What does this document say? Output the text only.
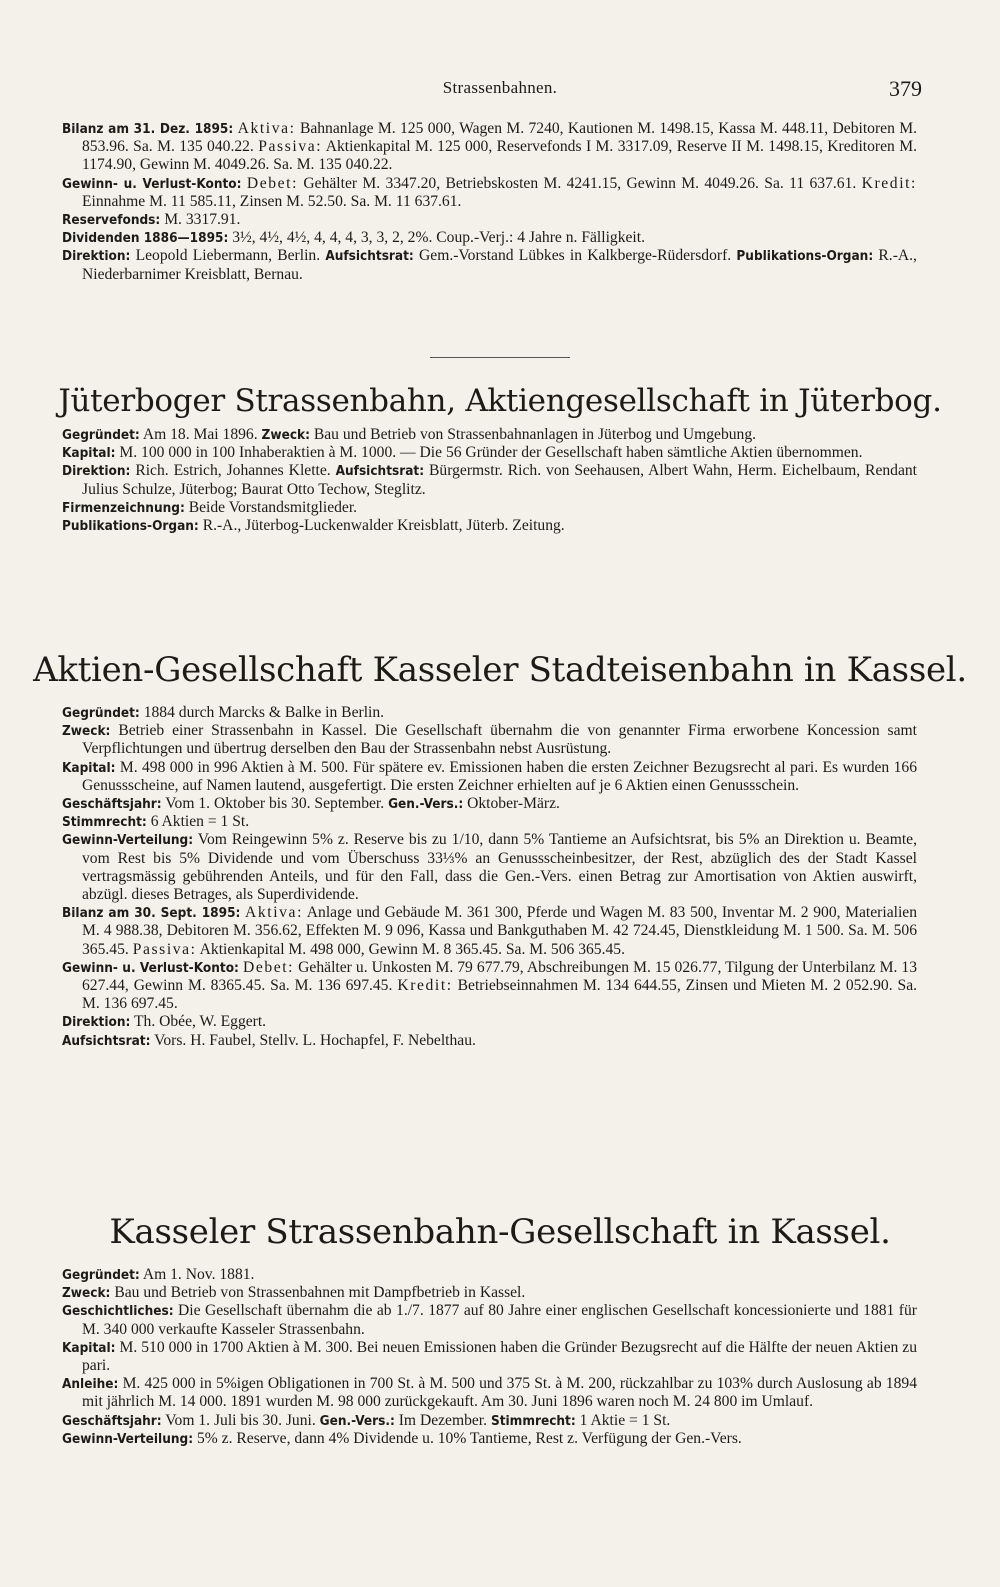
Strassenbahnen.	379

Bilanz am 31. Dez. 1895: Aktiva: Bahnanlage M. 125 000, Wagen M. 7240, Kautionen M. 1498.15, Kassa M. 448.11, Debitoren M. 853.96. Sa. M. 135 040.22. Passiva: Aktienkapital M. 125 000, Reservefonds I M. 3317.09, Reserve II M. 1498.15, Kreditoren M. 1174.90, Gewinn M. 4049.26. Sa. M. 135 040.22.

Gewinn- u. Verlust-Konto: Debet: Gehälter M. 3347.20, Betriebskosten M. 4241.15, Gewinn M. 4049.26. Sa. 11 637.61. Kredit: Einnahme M. 11 585.11, Zinsen M. 52.50. Sa. M. 11 637.61.

Reservefonds: M. 3317.91.

Dividenden 1886—1895: 3½, 4½, 4½, 4, 4, 4, 3, 3, 2, 2%. Coup.-Verj.: 4 Jahre n. Fälligkeit.

Direktion: Leopold Liebermann, Berlin. Aufsichtsrat: Gem.-Vorstand Lübkes in Kalkberge-Rüdersdorf. Publikations-Organ: R.-A., Niederbarnimer Kreisblatt, Bernau.

Jüterboger Strassenbahn, Aktiengesellschaft in Jüterbog.

Gegründet: Am 18. Mai 1896. Zweck: Bau und Betrieb von Strassenbahnanlagen in Jüterbog und Umgebung.

Kapital: M. 100 000 in 100 Inhaberaktien à M. 1000. — Die 56 Gründer der Gesellschaft haben sämtliche Aktien übernommen.

Direktion: Rich. Estrich, Johannes Klette. Aufsichtsrat: Bürgermstr. Rich. von Seehausen, Albert Wahn, Herm. Eichelbaum, Rendant Julius Schulze, Jüterbog; Baurat Otto Techow, Steglitz.

Firmenzeichnung: Beide Vorstandsmitglieder.

Publikations-Organ: R.-A., Jüterbog-Luckenwalder Kreisblatt, Jüterb. Zeitung.

Aktien-Gesellschaft Kasseler Stadteisenbahn in Kassel.

Gegründet: 1884 durch Marcks & Balke in Berlin.

Zweck: Betrieb einer Strassenbahn in Kassel. Die Gesellschaft übernahm die von genannter Firma erworbene Koncession samt Verpflichtungen und übertrug derselben den Bau der Strassenbahn nebst Ausrüstung.

Kapital: M. 498 000 in 996 Aktien à M. 500. Für spätere ev. Emissionen haben die ersten Zeichner Bezugsrecht al pari. Es wurden 166 Genussscheine, auf Namen lautend, ausgefertigt. Die ersten Zeichner erhielten auf je 6 Aktien einen Genussschein.

Geschäftsjahr: Vom 1. Oktober bis 30. September. Gen.-Vers.: Oktober-März.

Stimmrecht: 6 Aktien = 1 St.

Gewinn-Verteilung: Vom Reingewinn 5% z. Reserve bis zu 1/10, dann 5% Tantieme an Aufsichtsrat, bis 5% an Direktion u. Beamte, vom Rest bis 5% Dividende und vom Überschuss 33⅓% an Genussscheinbesitzer, der Rest, abzüglich des der Stadt Kassel vertragsmässig gebührenden Anteils, und für den Fall, dass die Gen.-Vers. einen Betrag zur Amortisation von Aktien auswirft, abzügl. dieses Betrages, als Superdividende.

Bilanz am 30. Sept. 1895: Aktiva: Anlage und Gebäude M. 361 300, Pferde und Wagen M. 83 500, Inventar M. 2 900, Materialien M. 4 988.38, Debitoren M. 356.62, Effekten M. 9 096, Kassa und Bankguthaben M. 42 724.45, Dienstkleidung M. 1 500. Sa. M. 506 365.45. Passiva: Aktienkapital M. 498 000, Gewinn M. 8 365.45. Sa. M. 506 365.45.

Gewinn- u. Verlust-Konto: Debet: Gehälter u. Unkosten M. 79 677.79, Abschreibungen M. 15 026.77, Tilgung der Unterbilanz M. 13 627.44, Gewinn M. 8365.45. Sa. M. 136 697.45. Kredit: Betriebseinnahmen M. 134 644.55, Zinsen und Mieten M. 2 052.90. Sa. M. 136 697.45.

Direktion: Th. Obée, W. Eggert.

Aufsichtsrat: Vors. H. Faubel, Stellv. L. Hochapfel, F. Nebelthau.

Kasseler Strassenbahn-Gesellschaft in Kassel.

Gegründet: Am 1. Nov. 1881.

Zweck: Bau und Betrieb von Strassenbahnen mit Dampfbetrieb in Kassel.

Geschichtliches: Die Gesellschaft übernahm die ab 1./7. 1877 auf 80 Jahre einer englischen Gesellschaft koncessionierte und 1881 für M. 340 000 verkaufte Kasseler Strassenbahn.

Kapital: M. 510 000 in 1700 Aktien à M. 300. Bei neuen Emissionen haben die Gründer Bezugsrecht auf die Hälfte der neuen Aktien zu pari.

Anleihe: M. 425 000 in 5%igen Obligationen in 700 St. à M. 500 und 375 St. à M. 200, rückzahlbar zu 103% durch Auslosung ab 1894 mit jährlich M. 14 000. 1891 wurden M. 98 000 zurückgekauft. Am 30. Juni 1896 waren noch M. 24 800 im Umlauf.

Geschäftsjahr: Vom 1. Juli bis 30. Juni. Gen.-Vers.: Im Dezember. Stimmrecht: 1 Aktie = 1 St.

Gewinn-Verteilung: 5% z. Reserve, dann 4% Dividende u. 10% Tantieme, Rest z. Verfügung der Gen.-Vers.
